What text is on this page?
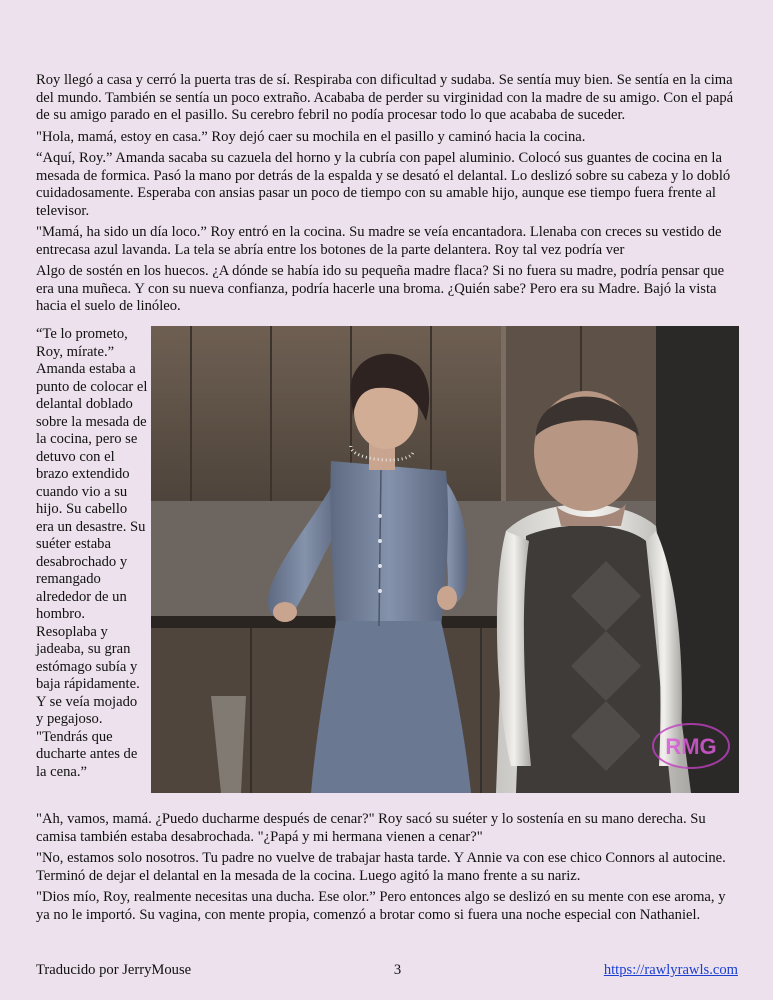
Roy llegó a casa y cerró la puerta tras de sí. Respiraba con dificultad y sudaba. Se sentía muy bien. Se sentía en la cima del mundo. También se sentía un poco extraño. Acababa de perder su virginidad con la madre de su amigo. Con el papá de su amigo parado en el pasillo. Su cerebro febril no podía procesar todo lo que acababa de suceder.

"Hola, mamá, estoy en casa.” Roy dejó caer su mochila en el pasillo y caminó hacia la cocina.

“Aquí, Roy.” Amanda sacaba su cazuela del horno y la cubría con papel aluminio. Colocó sus guantes de cocina en la mesada de formica. Pasó la mano por detrás de la espalda y se desató el delantal. Lo deslizó sobre su cabeza y lo dobló cuidadosamente. Esperaba con ansias pasar un poco de tiempo con su amable hijo, aunque ese tiempo fuera frente al televisor.

"Mamá, ha sido un día loco.” Roy entró en la cocina. Su madre se veía encantadora. Llenaba con creces su vestido de entrecasa azul lavanda. La tela se abría entre los botones de la parte delantera. Roy tal vez podría ver

Algo de sostén en los huecos. ¿A dónde se había ido su pequeña madre flaca? Si no fuera su madre, podría pensar que era una muñeca. Y con su nueva confianza, podría hacerle una broma. ¿Quién sabe? Pero era su Madre. Bajó la vista hacia el suelo de linóleo.

“Te lo prometo, Roy, mírate.” Amanda estaba a punto de colocar el delantal doblado sobre la mesada de la cocina, pero se detuvo con el brazo extendido cuando vio a su hijo. Su cabello era un desastre. Su suéter estaba desabrochado y remangado alrededor de un hombro. Resoplaba y jadeaba, su gran estómago subía y baja rápidamente. Y se veía mojado y pegajoso. "Tendrás que ducharte antes de la cena.”
RMG

"Ah, vamos, mamá. ¿Puedo ducharme después de cenar?" Roy sacó su suéter y lo sostenía en su mano derecha. Su camisa también estaba desabrochada. "¿Papá y mi hermana vienen a cenar?"

"No, estamos solo nosotros. Tu padre no vuelve de trabajar hasta tarde. Y Annie va con ese chico Connors al autocine. Terminó de dejar el delantal en la mesada de la cocina. Luego agitó la mano frente a su nariz.

"Dios mío, Roy, realmente necesitas una ducha. Ese olor.” Pero entonces algo se deslizó en su mente con ese aroma, y ya no le importó. Su vagina, con mente propia, comenzó a brotar como si fuera una noche especial con Nathaniel.

Traducido por JerryMouse	3	https://rawlyrawls.com
